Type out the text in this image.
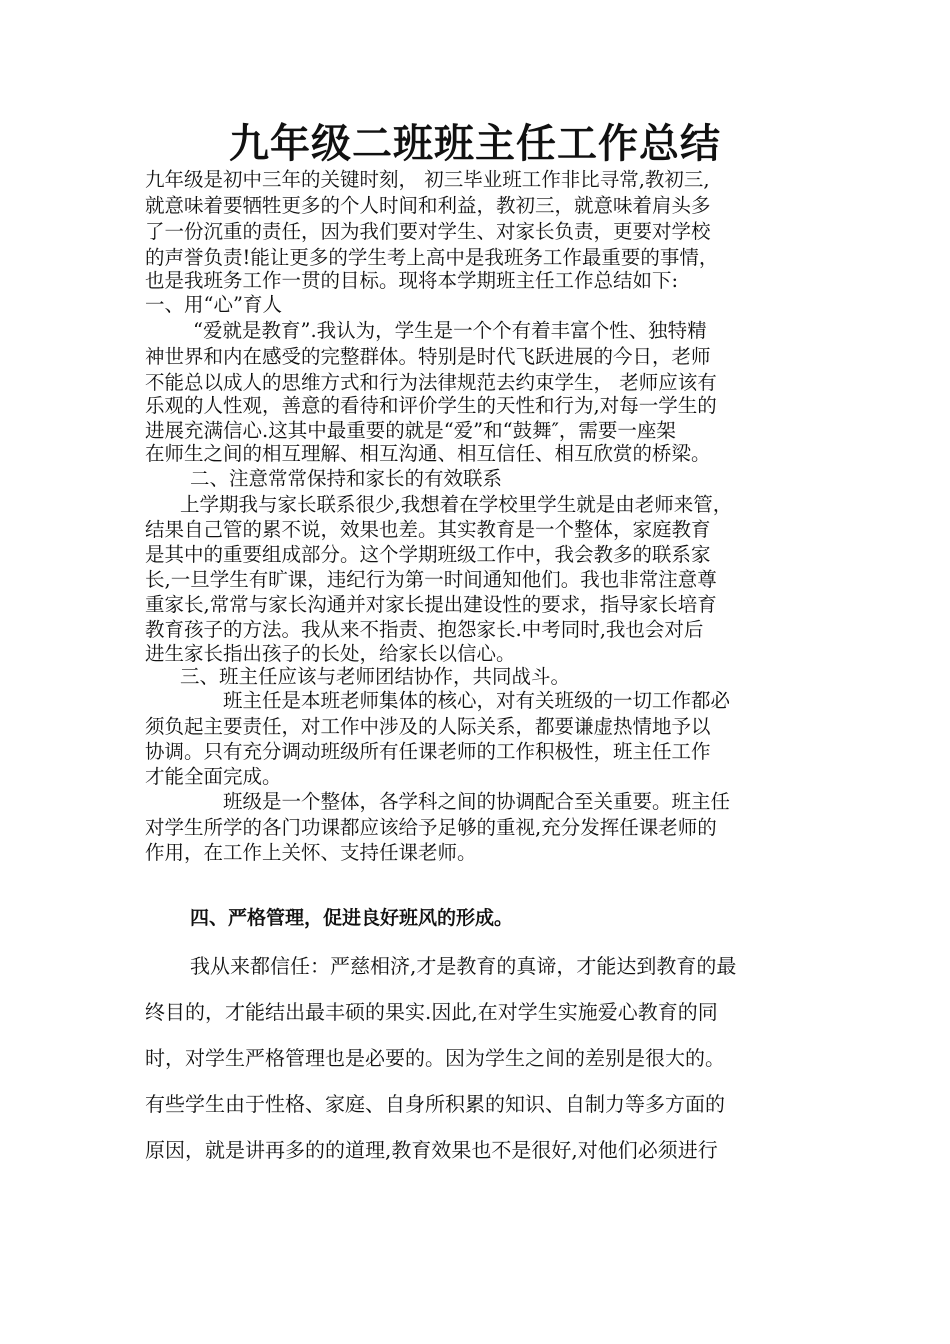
九年级二班班主任工作总结

九年级是初中三年的关键时刻， 初三毕业班工作非比寻常,教初三,

就意味着要牺牲更多的个人时间和利益，教初三，就意味着肩头多

了一份沉重的责任，因为我们要对学生、对家长负责，更要对学校

的声誉负责!能让更多的学生考上高中是我班务工作最重要的事情，

也是我班务工作一贯的目标。现将本学期班主任工作总结如下:

一、用“心”育人

“爱就是教育”.我认为，学生是一个个有着丰富个性、独特精

神世界和内在感受的完整群体。特别是时代飞跃进展的今日，老师

不能总以成人的思维方式和行为法律规范去约束学生， 老师应该有

乐观的人性观，善意的看待和评价学生的天性和行为,对每一学生的

进展充满信心.这其中最重要的就是“爱”和“鼓舞″，需要一座架

在师生之间的相互理解、相互沟通、相互信任、相互欣赏的桥梁。

二、注意常常保持和家长的有效联系

上学期我与家长联系很少,我想着在学校里学生就是由老师来管，

结果自己管的累不说，效果也差。其实教育是一个整体，家庭教育

是其中的重要组成部分。这个学期班级工作中，我会教多的联系家

长,一旦学生有旷课，违纪行为第一时间通知他们。我也非常注意尊

重家长,常常与家长沟通并对家长提出建设性的要求，指导家长培育

教育孩子的方法。我从来不指责、抱怨家长.中考同时,我也会对后

进生家长指出孩子的长处，给家长以信心。

三、班主任应该与老师团结协作，共同战斗。

班主任是本班老师集体的核心，对有关班级的一切工作都必

须负起主要责任，对工作中涉及的人际关系，都要谦虚热情地予以

协调。只有充分调动班级所有任课老师的工作积极性，班主任工作

才能全面完成。

班级是一个整体，各学科之间的协调配合至关重要。班主任

对学生所学的各门功课都应该给予足够的重视,充分发挥任课老师的

作用，在工作上关怀、支持任课老师。

四、严格管理，促进良好班风的形成。

我从来都信任：严慈相济,才是教育的真谛，才能达到教育的最

终目的，才能结出最丰硕的果实.因此,在对学生实施爱心教育的同

时，对学生严格管理也是必要的。因为学生之间的差别是很大的。

有些学生由于性格、家庭、自身所积累的知识、自制力等多方面的

原因，就是讲再多的的道理,教育效果也不是很好,对他们必须进行
